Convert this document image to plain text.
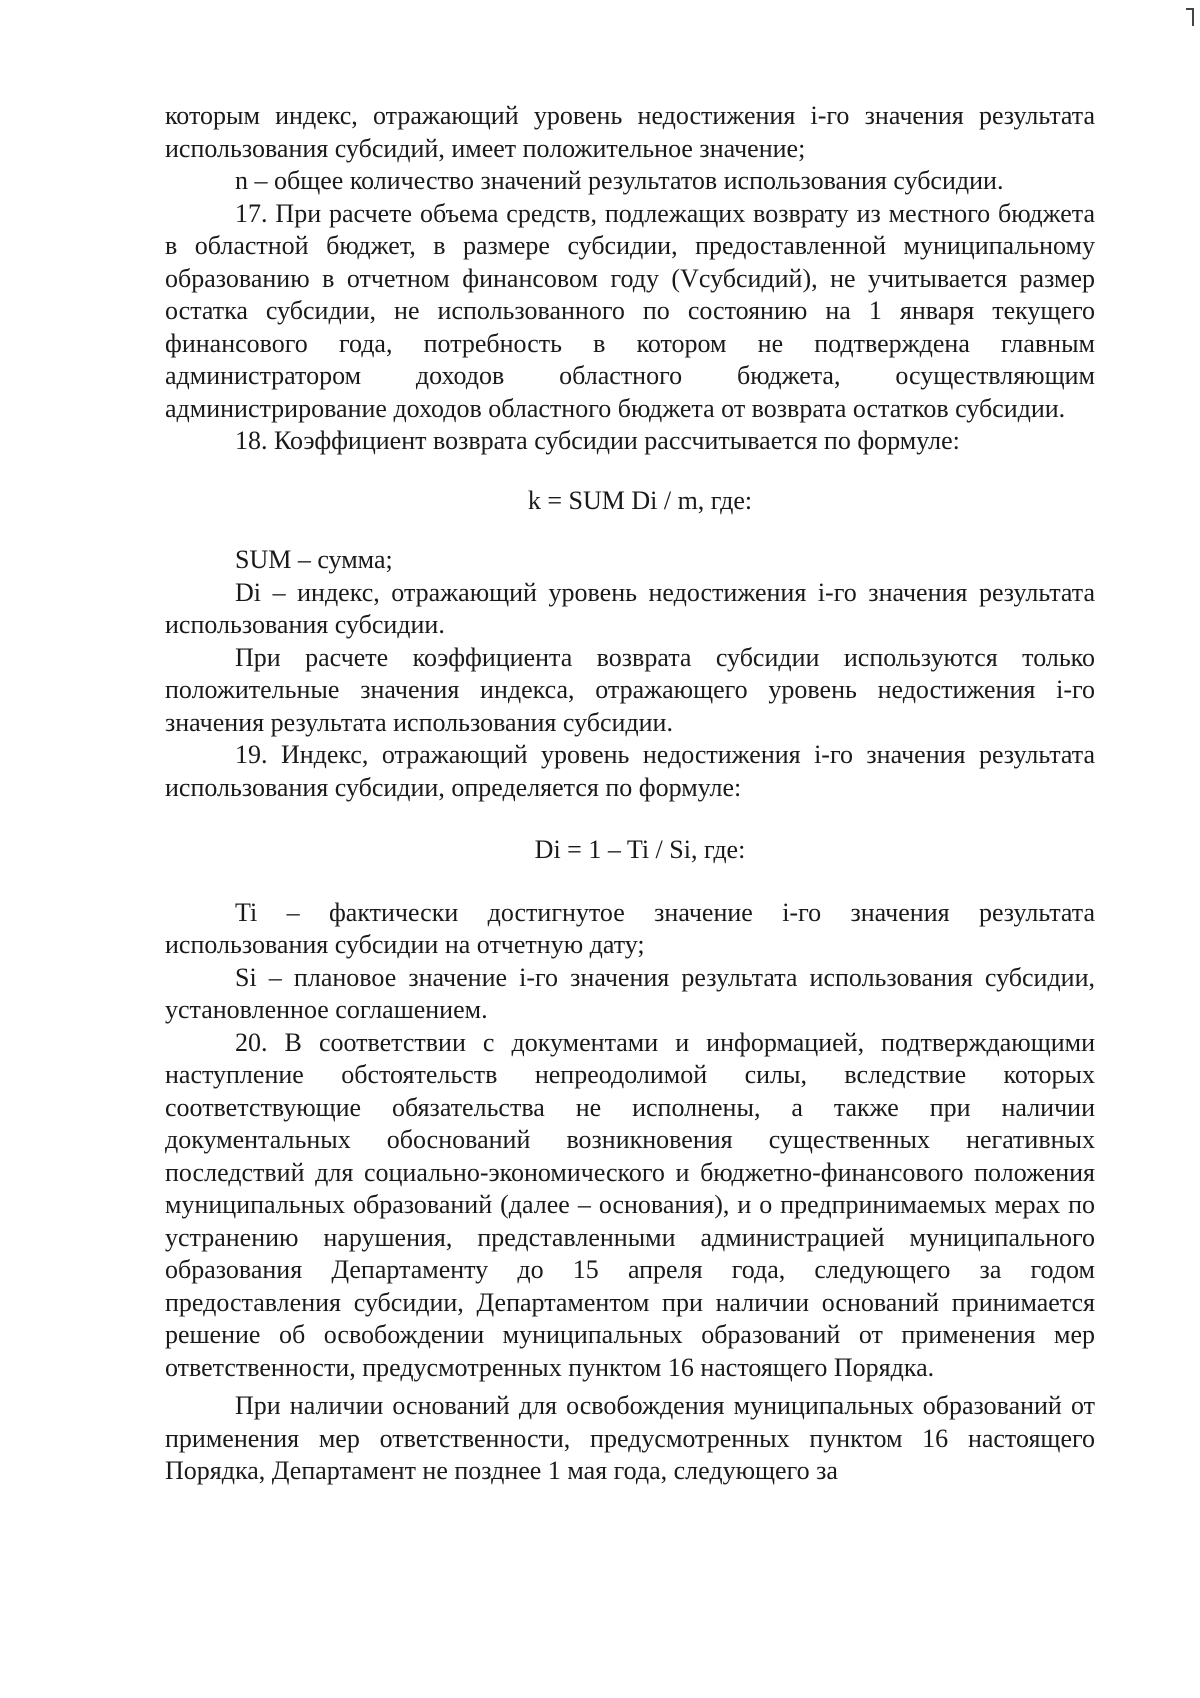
которым индекс, отражающий уровень недостижения i-го значения результата использования субсидий, имеет положительное значение;

n – общее количество значений результатов использования субсидии.

17. При расчете объема средств, подлежащих возврату из местного бюджета в областной бюджет, в размере субсидии, предоставленной муниципальному образованию в отчетном финансовом году (Vсубсидий), не учитывается размер остатка субсидии, не использованного по состоянию на 1 января текущего финансового года, потребность в котором не подтверждена главным администратором доходов областного бюджета, осуществляющим администрирование доходов областного бюджета от возврата остатков субсидии.

18. Коэффициент возврата субсидии рассчитывается по формуле:

k = SUM Di / m, где:

SUM – сумма;

Di – индекс, отражающий уровень недостижения i-го значения результата использования субсидии.

При расчете коэффициента возврата субсидии используются только положительные значения индекса, отражающего уровень недостижения i-го значения результата использования субсидии.

19. Индекс, отражающий уровень недостижения i-го значения результата использования субсидии, определяется по формуле:

Di = 1 – Ti / Si, где:

Ti – фактически достигнутое значение i-го значения результата использования субсидии на отчетную дату;

Si – плановое значение i-го значения результата использования субсидии, установленное соглашением.

20. В соответствии с документами и информацией, подтверждающими наступление обстоятельств непреодолимой силы, вследствие которых соответствующие обязательства не исполнены, а также при наличии документальных обоснований возникновения существенных негативных последствий для социально-экономического и бюджетно-финансового положения муниципальных образований (далее – основания), и о предпринимаемых мерах по устранению нарушения, представленными администрацией муниципального образования Департаменту до 15 апреля года, следующего за годом предоставления субсидии, Департаментом при наличии оснований принимается решение об освобождении муниципальных образований от применения мер ответственности, предусмотренных пунктом 16 настоящего Порядка.

При наличии оснований для освобождения муниципальных образований от применения мер ответственности, предусмотренных пунктом 16 настоящего Порядка, Департамент не позднее 1 мая года, следующего за
